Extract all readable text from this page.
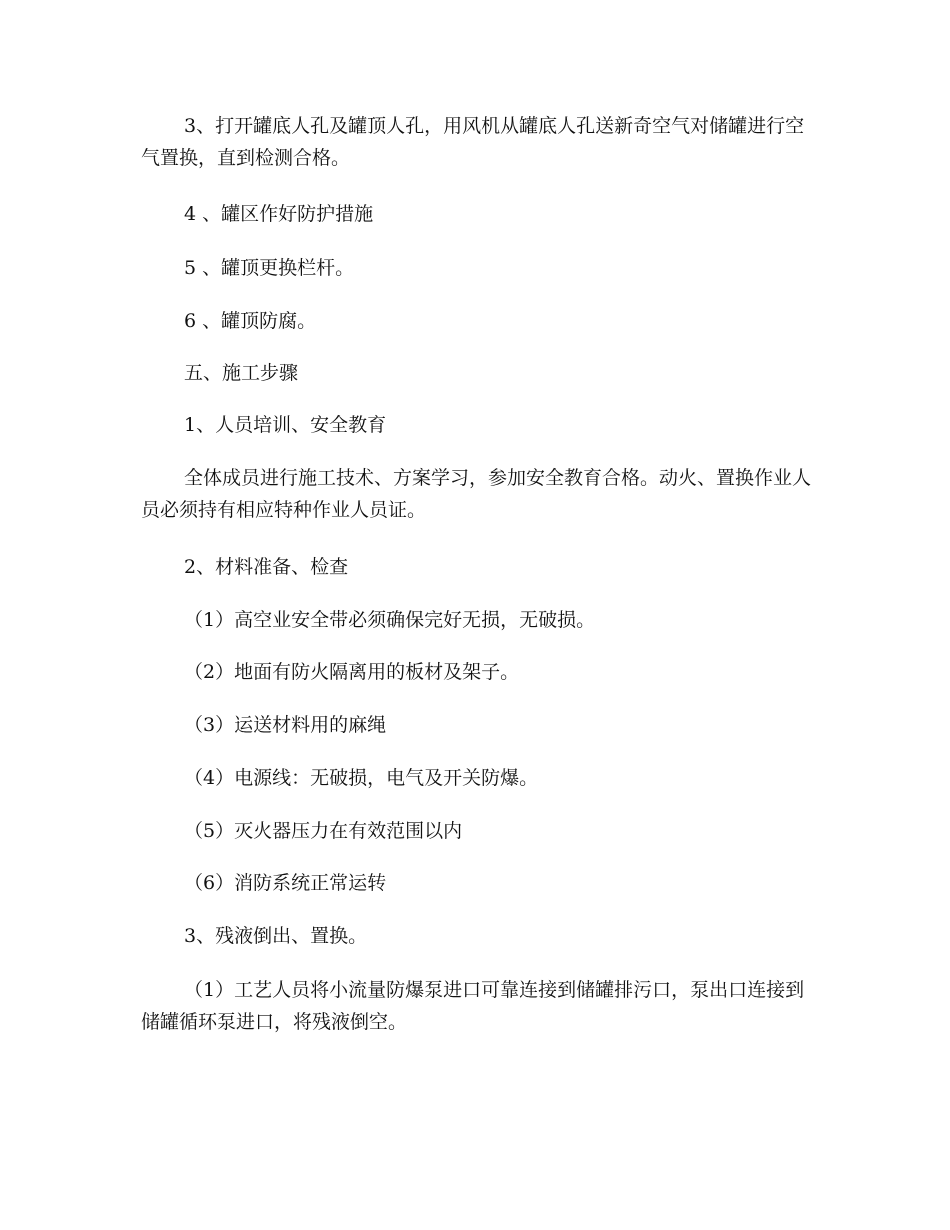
3、打开罐底人孔及罐顶人孔，用风机从罐底人孔送新奇空气对储罐进行空气置换，直到检测合格。

4 、罐区作好防护措施

5 、罐顶更换栏杆。

6 、罐顶防腐。

五、施工步骤

1、人员培训、安全教育

全体成员进行施工技术、方案学习，参加安全教育合格。动火、置换作业人员必须持有相应特种作业人员证。

2、材料准备、检查

（1）高空业安全带必须确保完好无损，无破损。

（2）地面有防火隔离用的板材及架子。

（3）运送材料用的麻绳

（4）电源线：无破损，电气及开关防爆。

（5）灭火器压力在有效范围以内

（6）消防系统正常运转

3、残液倒出、置换。

（1）工艺人员将小流量防爆泵进口可靠连接到储罐排污口，泵出口连接到储罐循环泵进口，将残液倒空。
